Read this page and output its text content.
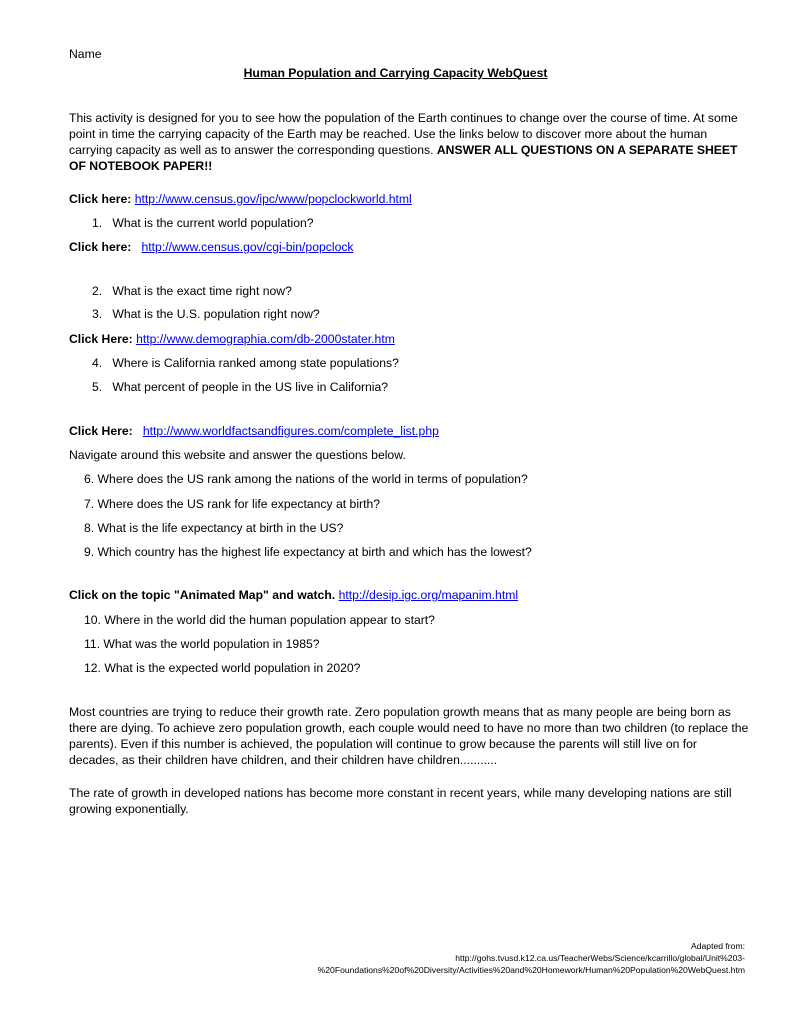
Name
Human Population and Carrying Capacity WebQuest
This activity is designed for you to see how the population of the Earth continues to change over the course of time. At some point in time the carrying capacity of the Earth may be reached. Use the links below to discover more about the human carrying capacity as well as to answer the corresponding questions. ANSWER ALL QUESTIONS ON A SEPARATE SHEET OF NOTEBOOK PAPER!!
Click here: http://www.census.gov/ipc/www/popclockworld.html
1. What is the current world population?
Click here: http://www.census.gov/cgi-bin/popclock
2. What is the exact time right now?
3. What is the U.S. population right now?
Click Here: http://www.demographia.com/db-2000stater.htm
4. Where is California ranked among state populations?
5. What percent of people in the US live in California?
Click Here: http://www.worldfactsandfigures.com/complete_list.php
Navigate around this website and answer the questions below.
6. Where does the US rank among the nations of the world in terms of population?
7. Where does the US rank for life expectancy at birth?
8. What is the life expectancy at birth in the US?
9. Which country has the highest life expectancy at birth and which has the lowest?
Click on the topic "Animated Map" and watch. http://desip.igc.org/mapanim.html
10. Where in the world did the human population appear to start?
11. What was the world population in 1985?
12. What is the expected world population in 2020?
Most countries are trying to reduce their growth rate. Zero population growth means that as many people are being born as there are dying. To achieve zero population growth, each couple would need to have no more than two children (to replace the parents). Even if this number is achieved, the population will continue to grow because the parents will still live on for decades, as their children have children, and their children have children...........
The rate of growth in developed nations has become more constant in recent years, while many developing nations are still growing exponentially.
Adapted from:
http://gohs.tvusd.k12.ca.us/TeacherWebs/Science/kcarrillo/global/Unit%203-
%20Foundations%20of%20Diversity/Activities%20and%20Homework/Human%20Population%20WebQuest.htm
